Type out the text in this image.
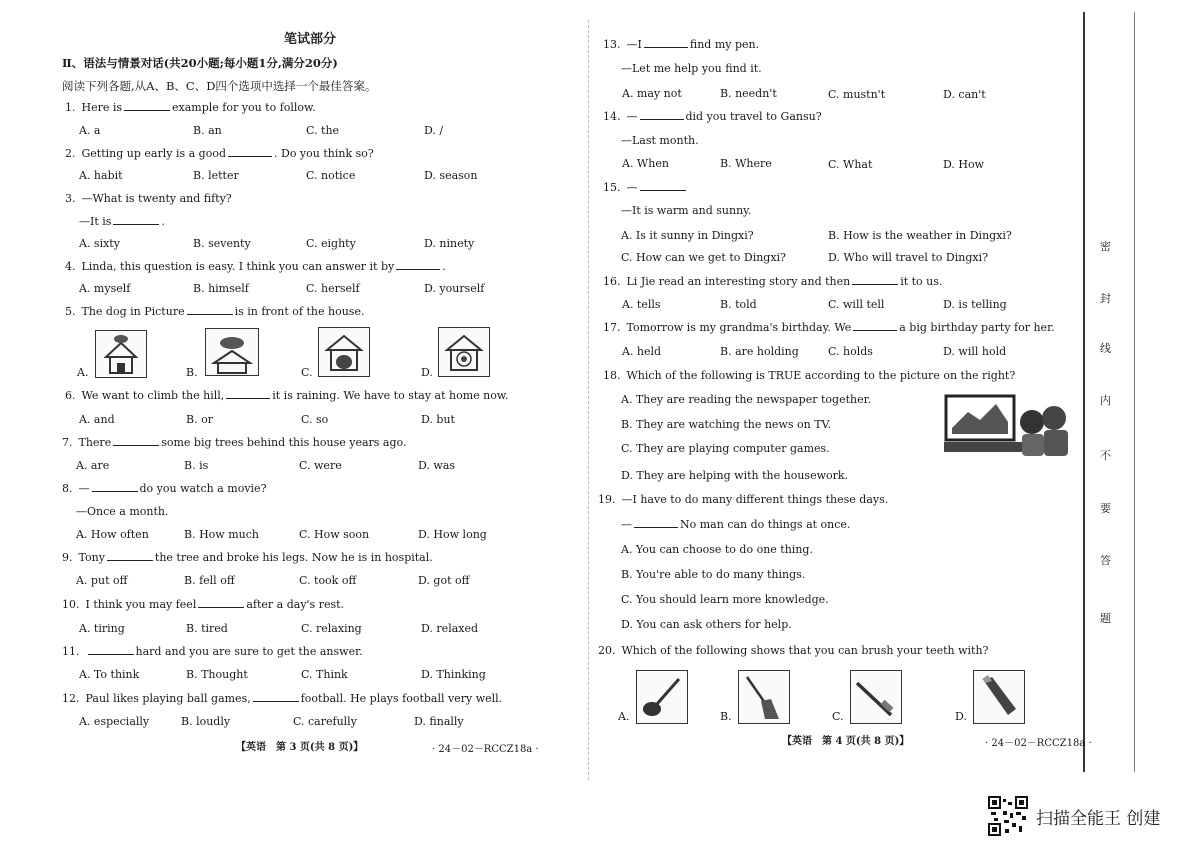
密
封
线
内
不
要
答
题
笔试部分
Ⅱ、语法与情景对话(共20小题;每小题1分,满分20分)
阅读下列各题,从A、B、C、D四个选项中选择一个最佳答案。
1. Here is	example for you to follow.
A. a	B. an	C. the	D. /
2. Getting up early is a good	. Do you think so?
A. habit	B. letter	C. notice	D. season
3. —What is twenty and fifty?
—It is	.
A. sixty	B. seventy	C. eighty	D. ninety
4. Linda, this question is easy. I think you can answer it by	.
A. myself	B. himself	C. herself	D. yourself
5. The dog in Picture	is in front of the house.
A.	B.	C.	D.
6. We want to climb the hill,	it is raining. We have to stay at home now.
A. and	B. or	C. so	D. but
7. There	some big trees behind this house years ago.
A. are	B. is	C. were	D. was
8. —	do you watch a movie?
—Once a month.
A. How often	B. How much	C. How soon	D. How long
9. Tony	the tree and broke his legs. Now he is in hospital.
A. put off	B. fell off	C. took off	D. got off
10. I think you may feel	after a day's rest.
A. tiring	B. tired	C. relaxing	D. relaxed
11.	hard and you are sure to get the answer.
A. To think	B. Thought	C. Think	D. Thinking
12. Paul likes playing ball games,	football. He plays football very well.
A. especially	B. loudly	C. carefully	D. finally
【英语　第 3 页(共 8 页)】	· 24－02－RCCZ18a ·
13. —I	find my pen.
—Let me help you find it.
A. may not	B. needn't	C. mustn't	D. can't
14. —	did you travel to Gansu?
—Last month.
A. When	B. Where	C. What	D. How
15. —
—It is warm and sunny.
A. Is it sunny in Dingxi?	B. How is the weather in Dingxi?
C. How can we get to Dingxi?	D. Who will travel to Dingxi?
16. Li Jie read an interesting story and then	it to us.
A. tells	B. told	C. will tell	D. is telling
17. Tomorrow is my grandma's birthday. We	a big birthday party for her.
A. held	B. are holding	C. holds	D. will hold
18. Which of the following is TRUE according to the picture on the right?
A. They are reading the newspaper together.
B. They are watching the news on TV.
C. They are playing computer games.
D. They are helping with the housework.
19. —I have to do many different things these days.
—	No man can do things at once.
A. You can choose to do one thing.
B. You're able to do many things.
C. You should learn more knowledge.
D. You can ask others for help.
20. Which of the following shows that you can brush your teeth with?
A.	B.	C.	D.
【英语　第 4 页(共 8 页)】	· 24－02－RCCZ18a ·
扫描全能王 创建
